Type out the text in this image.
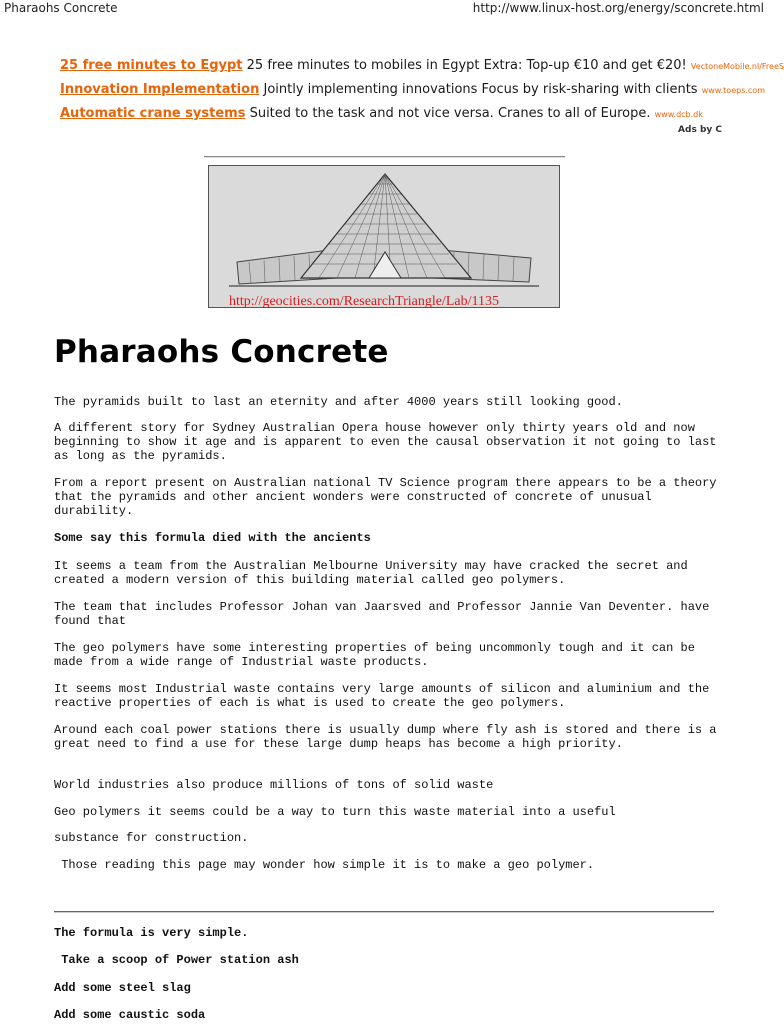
Pharaohs Concrete	http://www.linux-host.org/energy/sconcrete.html
25 free minutes to Egypt 25 free minutes to mobiles in Egypt Extra: Top-up €10 and get €20! VectoneMobile.nl/FreeS
Innovation Implementation Jointly implementing innovations Focus by risk-sharing with clients www.toeps.com
Automatic crane systems Suited to the task and not vice versa. Cranes to all of Europe. www.dcb.dk
Ads by С
http://geocities.com/ResearchTriangle/Lab/1135
Pharaohs Concrete

The pyramids built to last an eternity and after 4000 years still looking good.

A different story for Sydney Australian Opera house however only thirty years old and now beginning to show it age and is apparent to even the causal observation it not going to last as long as the pyramids.

From a report present on Australian national TV Science program there appears to be a theory that the pyramids and other ancient wonders were constructed of concrete of unusual durability.

Some say this formula died with the ancients

It seems a team from the Australian Melbourne University may have cracked the secret and created a modern version of this building material called geo polymers.

The team that includes Professor Johan van Jaarsved and Professor Jannie Van Deventer. have found that

The geo polymers have some interesting properties of being uncommonly tough and it can be made from a wide range of Industrial waste products.

It seems most Industrial waste contains very large amounts of silicon and aluminium and the reactive properties of each is what is used to create the geo polymers.

Around each coal power stations there is usually dump where fly ash is stored and there is a great need to find a use for these large dump heaps has become a high priority.

World industries also produce millions of tons of solid waste

Geo polymers it seems could be a way to turn this waste material into a useful

substance for construction.

Those reading this page may wonder how simple it is to make a geo polymer.

The formula is very simple.

Take a scoop of Power station ash

Add some steel slag

Add some caustic soda
